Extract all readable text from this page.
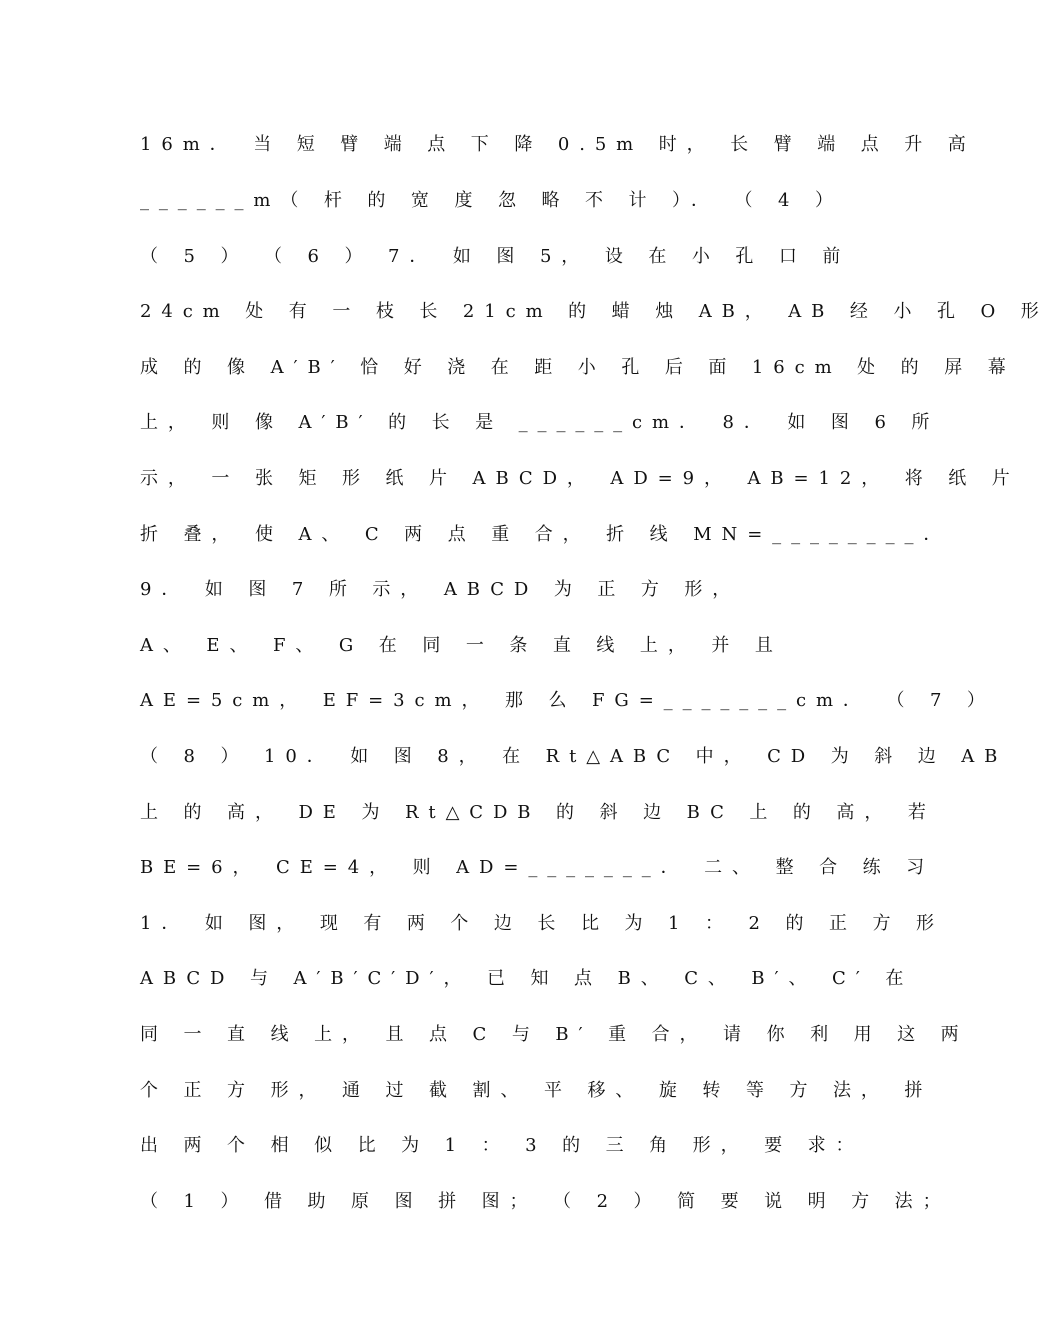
16m． 当 短 臂 端 点 下 降 0.5m 时， 长 臂 端 点 升 高
______m（ 杆 的 宽 度 忽 略 不 计 ）． （ 4 ）
（ 5 ） （ 6 ） 7． 如 图 5， 设 在 小 孔 口 前
24cm 处 有 一 枝 长 21cm 的 蜡 烛 AB， AB 经 小 孔 O 形
成 的 像 A′B′ 恰 好 浇 在 距 小 孔 后 面 16cm 处 的 屏 幕
上， 则 像 A′B′ 的 长 是 ______cm． 8． 如 图 6 所
示， 一 张 矩 形 纸 片 ABCD， AD=9， AB=12， 将 纸 片
折 叠， 使 A、 C 两 点 重 合， 折 线 MN=________．
9． 如 图 7 所 示， ABCD 为 正 方 形，
A、 E、 F、 G 在 同 一 条 直 线 上， 并 且
AE=5cm， EF=3cm， 那 么 FG=_______cm． （ 7 ）
（ 8 ） 10． 如 图 8， 在 Rt△ABC 中， CD 为 斜 边 AB
上 的 高， DE 为 Rt△CDB 的 斜 边 BC 上 的 高， 若
BE=6， CE=4， 则 AD=_______． 二、 整 合 练 习
1． 如 图， 现 有 两 个 边 长 比 为 1 ： 2 的 正 方 形
ABCD 与 A′B′C′D′， 已 知 点 B、 C、 B′、 C′ 在
同 一 直 线 上， 且 点 C 与 B′ 重 合， 请 你 利 用 这 两
个 正 方 形， 通 过 截 割、 平 移、 旋 转 等 方 法， 拼
出 两 个 相 似 比 为 1 ： 3 的 三 角 形， 要 求：
（ 1 ） 借 助 原 图 拼 图； （ 2 ） 简 要 说 明 方 法；
